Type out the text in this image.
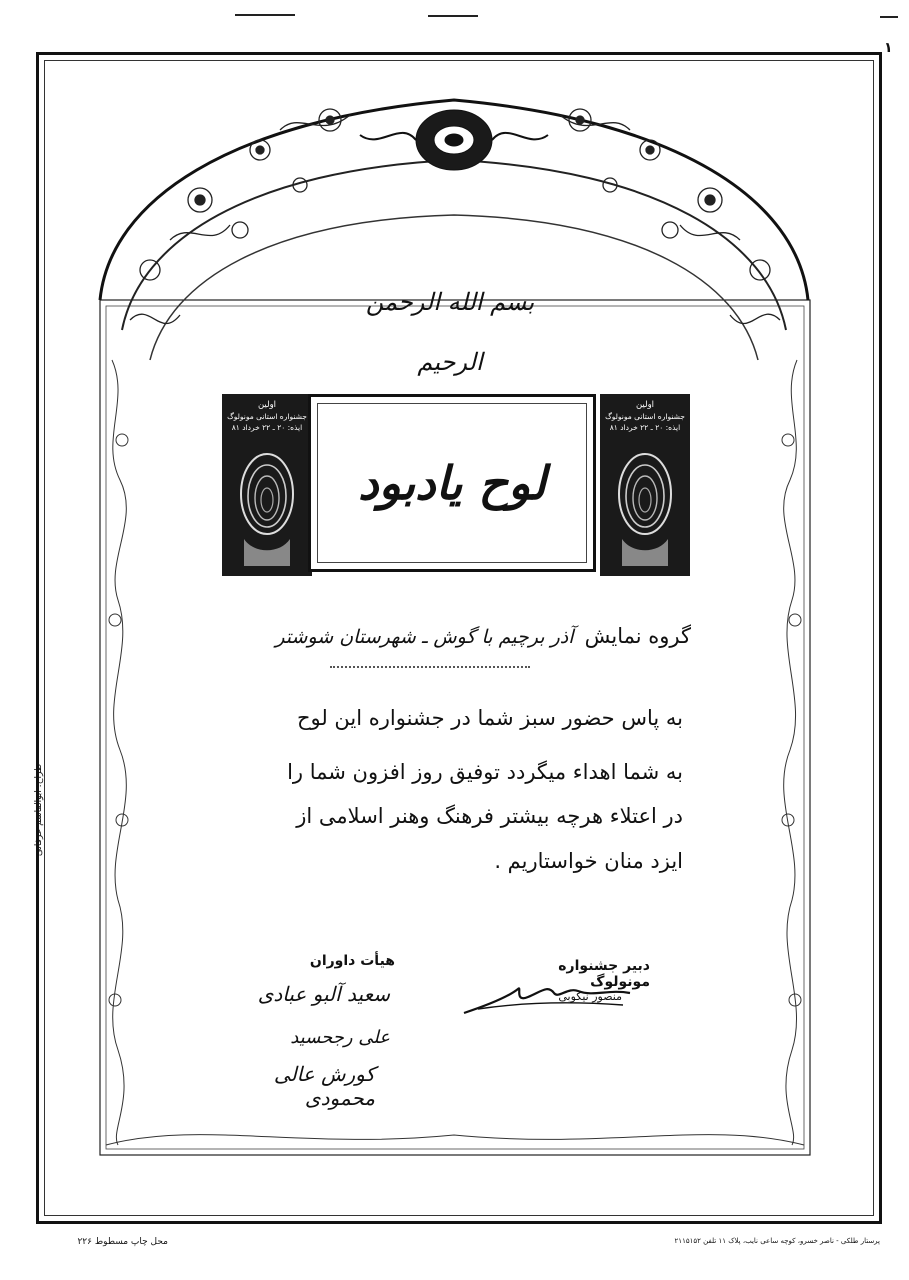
۱
بسم الله الرحمن الرحیم
اولین
جشنواره استانی مونولوگ
ایذه: ۲۰ ـ ۲۲ خرداد ۸۱
اولین
جشنواره استانی مونولوگ
ایذه: ۲۰ ـ ۲۲ خرداد ۸۱
لوح یادبود
گروه نمایش آذر برچیم با گوش ـ شهرستان شوشتر
به پاس حضور سبز شما در جشنواره این لوح
به شما اهداء میگردد توفیق روز افزون شما را
در اعتلاء هرچه بیشتر فرهنگ وهنر اسلامی از
ایزد منان خواستاریم .
هیأت داوران
سعید آلبو عبادی
علی رجحسید
کورش عالی محمودی
دبیر جشنواره مونولوگ
منصور نیکوبی
طراح: ابوالقاسم عرفانی
محل چاپ مسطوط ۲۲۶	پرستار طلکی - ناصر خسرو، کوچه ساعی نایب، پلاک ۱۱ تلفن ۲۱۱۵۱۵۲
